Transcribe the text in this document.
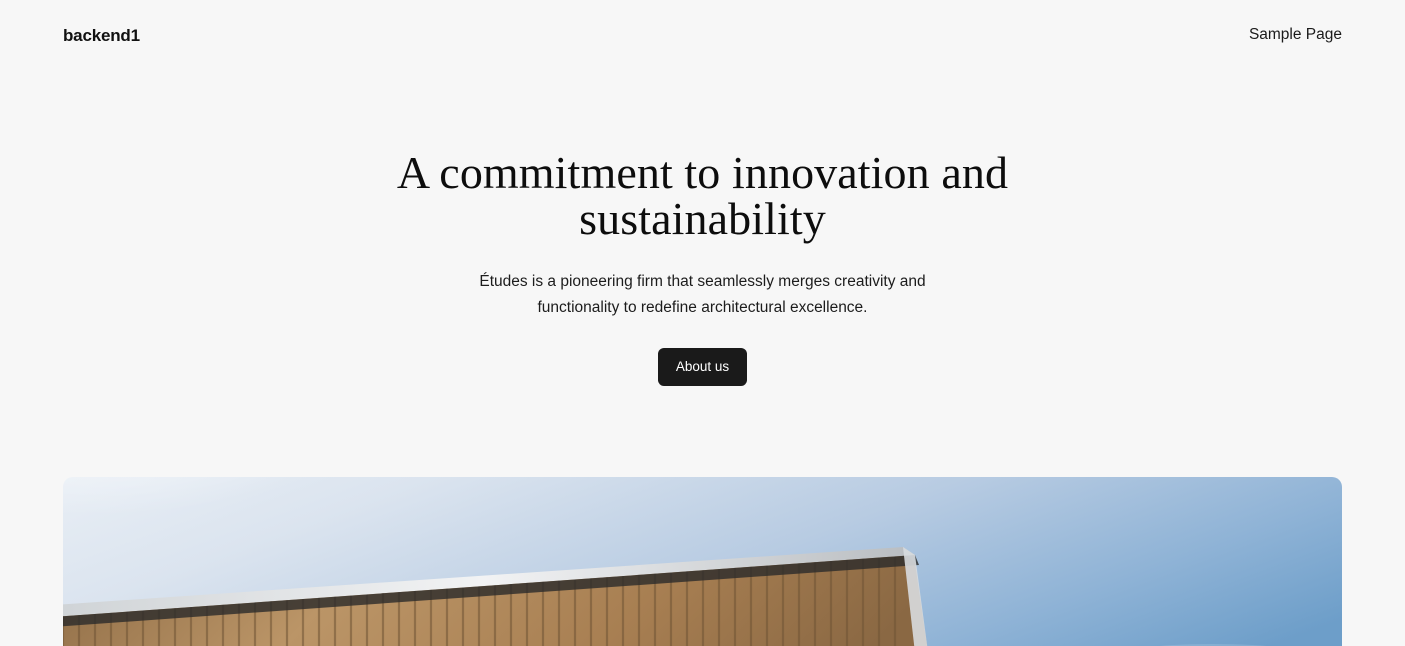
backend1	Sample Page
A commitment to innovation and sustainability

Études is a pioneering firm that seamlessly merges creativity and functionality to redefine architectural excellence.

About us
